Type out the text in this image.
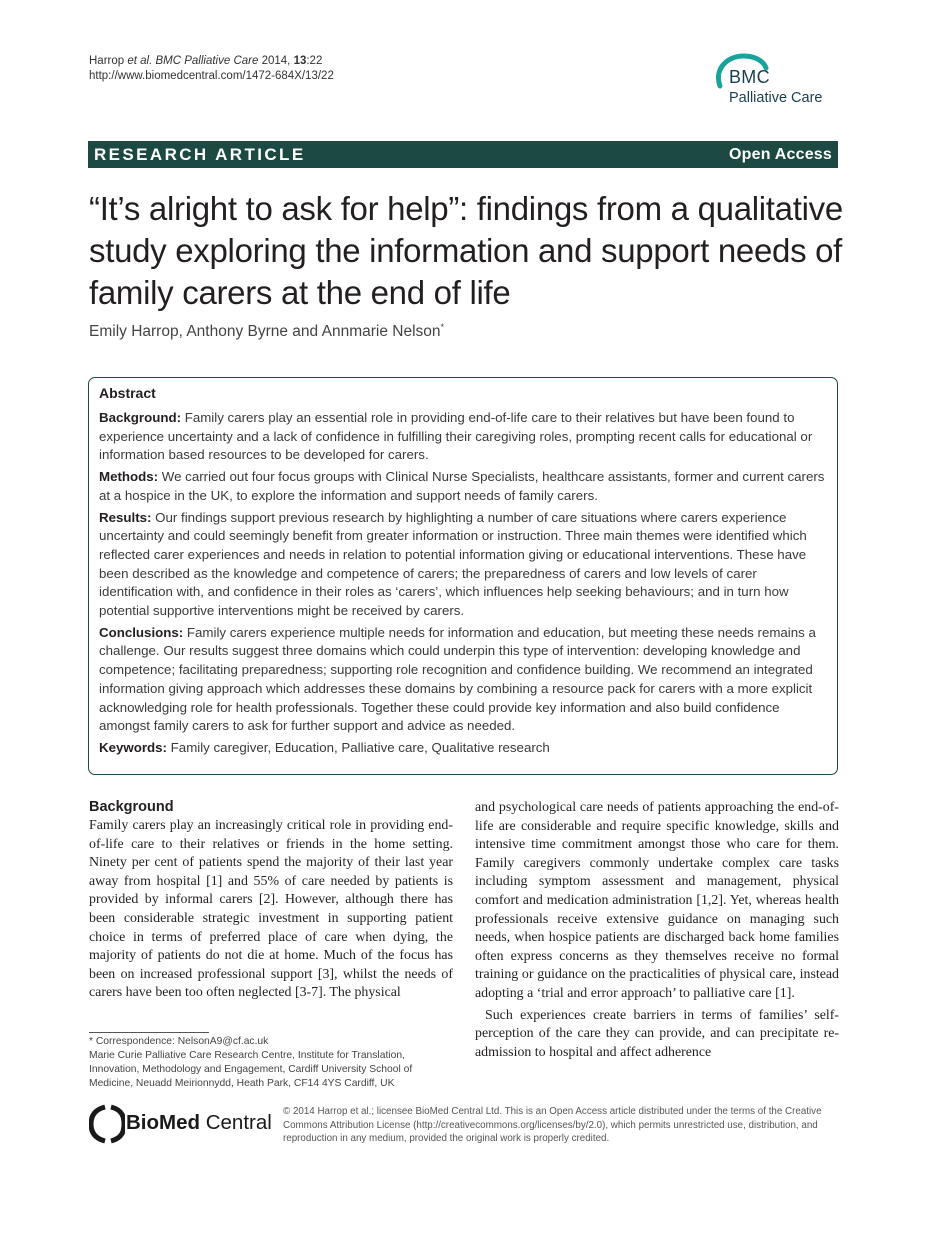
Harrop et al. BMC Palliative Care 2014, 13:22
http://www.biomedcentral.com/1472-684X/13/22	BMC
Palliative Care
RESEARCH ARTICLE	Open Access
“It’s alright to ask for help”: findings from a qualitative study exploring the information and support needs of family carers at the end of life
Emily Harrop, Anthony Byrne and Annmarie Nelson*
Abstract

Background: Family carers play an essential role in providing end-of-life care to their relatives but have been found to experience uncertainty and a lack of confidence in fulfilling their caregiving roles, prompting recent calls for educational or information based resources to be developed for carers.

Methods: We carried out four focus groups with Clinical Nurse Specialists, healthcare assistants, former and current carers at a hospice in the UK, to explore the information and support needs of family carers.

Results: Our findings support previous research by highlighting a number of care situations where carers experience uncertainty and could seemingly benefit from greater information or instruction. Three main themes were identified which reflected carer experiences and needs in relation to potential information giving or educational interventions. These have been described as the knowledge and competence of carers; the preparedness of carers and low levels of carer identification with, and confidence in their roles as ‘carers’, which influences help seeking behaviours; and in turn how potential supportive interventions might be received by carers.

Conclusions: Family carers experience multiple needs for information and education, but meeting these needs remains a challenge. Our results suggest three domains which could underpin this type of intervention: developing knowledge and competence; facilitating preparedness; supporting role recognition and confidence building. We recommend an integrated information giving approach which addresses these domains by combining a resource pack for carers with a more explicit acknowledging role for health professionals. Together these could provide key information and also build confidence amongst family carers to ask for further support and advice as needed.

Keywords: Family caregiver, Education, Palliative care, Qualitative research

Background

Family carers play an increasingly critical role in providing end-of-life care to their relatives or friends in the home setting. Ninety per cent of patients spend the majority of their last year away from hospital [1] and 55% of care needed by patients is provided by informal carers [2]. However, although there has been considerable strategic investment in supporting patient choice in terms of preferred place of care when dying, the majority of patients do not die at home. Much of the focus has been on increased professional support [3], whilst the needs of carers have been too often neglected [3-7]. The physical

and psychological care needs of patients approaching the end-of-life are considerable and require specific knowledge, skills and intensive time commitment amongst those who care for them. Family caregivers commonly undertake complex care tasks including symptom assessment and management, physical comfort and medication administration [1,2]. Yet, whereas health professionals receive extensive guidance on managing such needs, when hospice patients are discharged back home families often express concerns as they themselves receive no formal training or guidance on the practicalities of physical care, instead adopting a ‘trial and error approach’ to palliative care [1].

Such experiences create barriers in terms of families’ self-perception of the care they can provide, and can precipitate re-admission to hospital and affect adherence

* Correspondence: NelsonA9@cf.ac.uk

Marie Curie Palliative Care Research Centre, Institute for Translation, Innovation, Methodology and Engagement, Cardiff University School of Medicine, Neuadd Meirionnydd, Heath Park, CF14 4YS Cardiff, UK

BioMed Central © 2014 Harrop et al.; licensee BioMed Central Ltd. This is an Open Access article distributed under the terms of the Creative Commons Attribution License (http://creativecommons.org/licenses/by/2.0), which permits unrestricted use, distribution, and reproduction in any medium, provided the original work is properly credited.
